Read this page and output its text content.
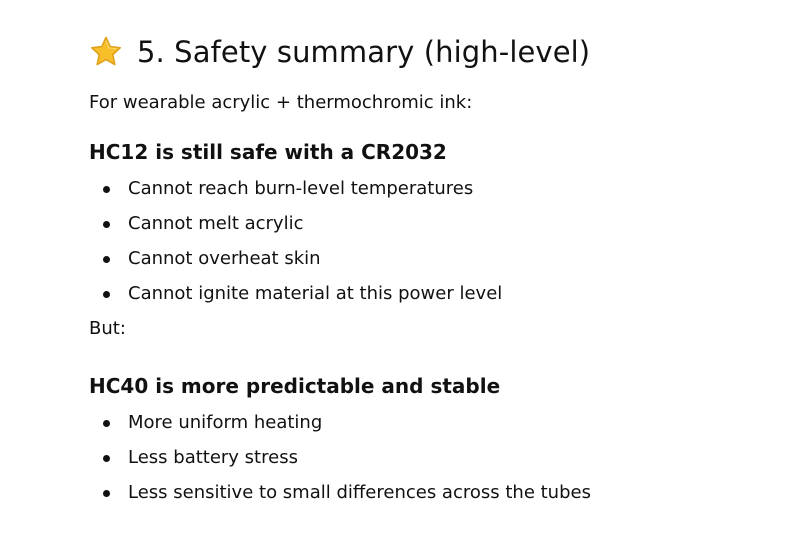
5. Safety summary (high-level)
For wearable acrylic + thermochromic ink:
HC12 is still safe with a CR2032
Cannot reach burn-level temperatures
Cannot melt acrylic
Cannot overheat skin
Cannot ignite material at this power level
But:
HC40 is more predictable and stable
More uniform heating
Less battery stress
Less sensitive to small differences across the tubes
